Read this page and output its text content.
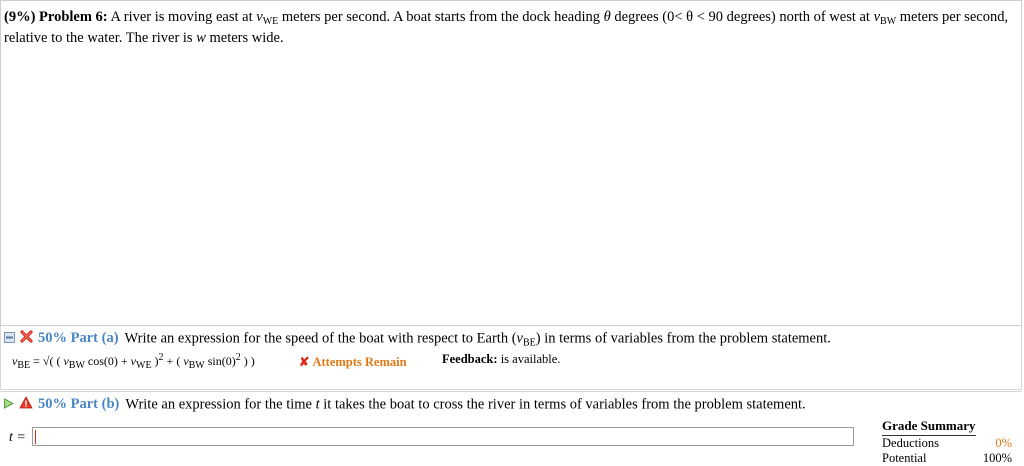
(9%) Problem 6: A river is moving east at $v_{WE}$ meters per second. A boat starts from the dock heading θ degrees (0< θ < 90 degrees) north of west at $v_{BW}$ meters per second, relative to the water. The river is w meters wide.
50% Part (a) Write an expression for the speed of the boat with respect to Earth $(v_{BE})$ in terms of variables from the problem statement.
$v_{BE}$ = √( ( $v_{BW}$ $\cos(0) + v_{WE}$ )$^2$ + ( $v_{BW}$ $\sin(0)^2$ ) )	✘ Attempts Remain	Feedback: is available.
50% Part (b) Write an expression for the time t it takes the boat to cross the river in terms of variables from the problem statement.
t =
Grade Summary
Deductions	0%
Potential	100%
